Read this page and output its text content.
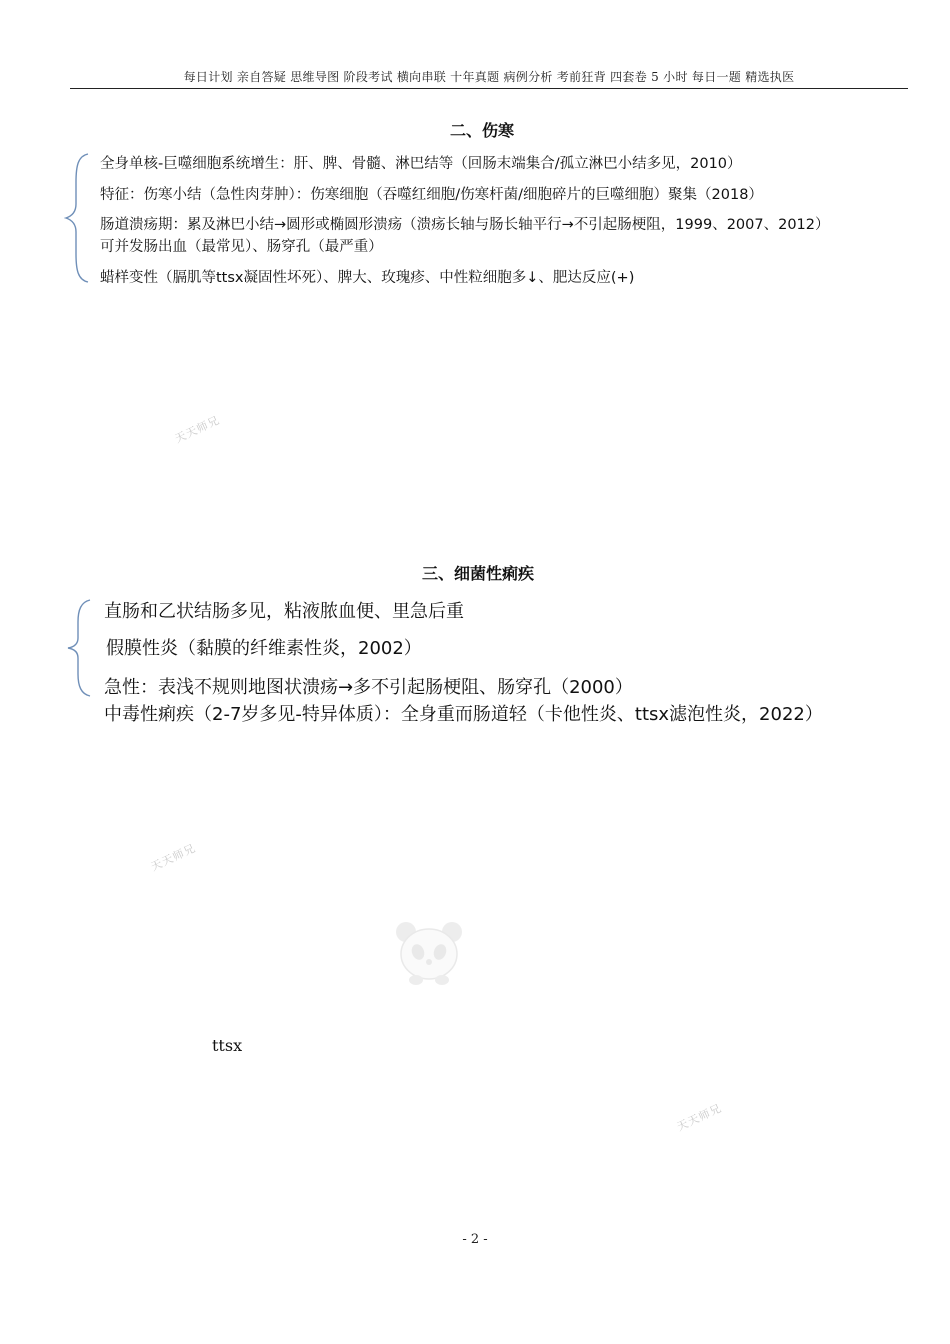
每日计划 亲自答疑 思维导图 阶段考试 横向串联 十年真题 病例分析 考前狂背 四套卷 5 小时 每日一题 精选执医
二、伤寒
全身单核-巨噬细胞系统增生：肝、脾、骨髓、淋巴结等（回肠末端集合/孤立淋巴小结多见，2010）
特征：伤寒小结（急性肉芽肿）：伤寒细胞（吞噬红细胞/伤寒杆菌/细胞碎片的巨噬细胞）聚集（2018）
肠道溃疡期：累及淋巴小结→圆形或椭圆形溃疡（溃疡长轴与肠长轴平行→不引起肠梗阻，1999、2007、2012）
可并发肠出血（最常见）、肠穿孔（最严重）
蜡样变性（膈肌等ttsx凝固性坏死）、脾大、玫瑰疹、中性粒细胞多↓、肥达反应(+)
三、细菌性痢疾
直肠和乙状结肠多见，粘液脓血便、里急后重
假膜性炎（黏膜的纤维素性炎，2002）
急性：表浅不规则地图状溃疡→多不引起肠梗阻、肠穿孔（2000）
中毒性痢疾（2-7岁多见-特异体质）：全身重而肠道轻（卡他性炎、ttsx滤泡性炎，2022）
天天师兄
天天师兄
天天师兄
ttsx
- 2 -
